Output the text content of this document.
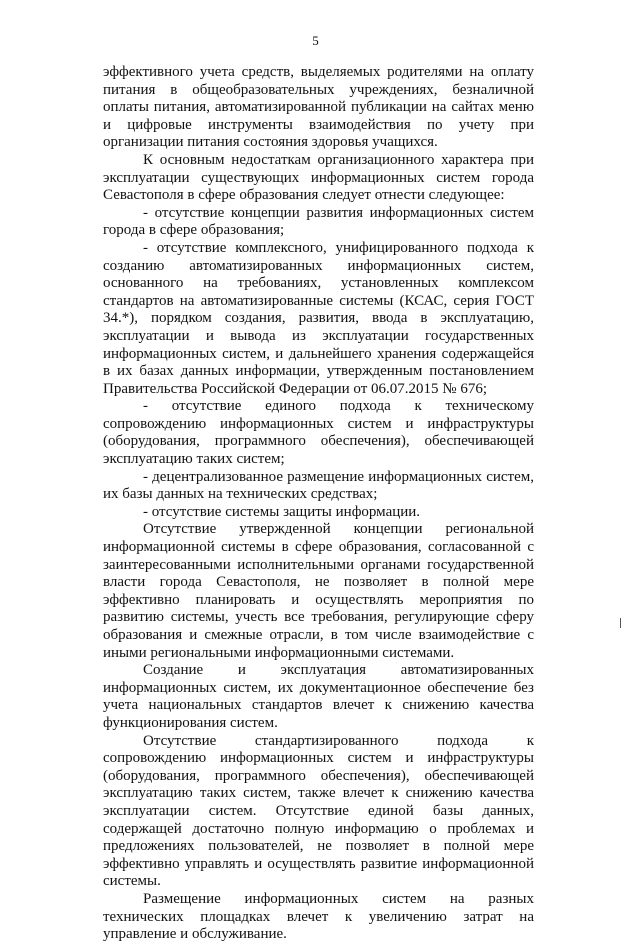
5

эффективного учета средств, выделяемых родителями на оплату питания в общеобразовательных учреждениях, безналичной оплаты питания, автоматизированной публикации на сайтах меню и цифровые инструменты взаимодействия по учету при организации питания состояния здоровья учащихся.

К основным недостаткам организационного характера при эксплуатации существующих информационных систем города Севастополя в сфере образования следует отнести следующее:

- отсутствие концепции развития информационных систем города в сфере образования;

- отсутствие комплексного, унифицированного подхода к созданию автоматизированных информационных систем, основанного на требованиях, установленных комплексом стандартов на автоматизированные системы (КСАС, серия ГОСТ 34.*), порядком создания, развития, ввода в эксплуатацию, эксплуатации и вывода из эксплуатации государственных информационных систем, и дальнейшего хранения содержащейся в их базах данных информации, утвержденным постановлением Правительства Российской Федерации от 06.07.2015 № 676;

- отсутствие единого подхода к техническому сопровождению информационных систем и инфраструктуры (оборудования, программного обеспечения), обеспечивающей эксплуатацию таких систем;

- децентрализованное размещение информационных систем, их базы данных на технических средствах;

- отсутствие системы защиты информации.

Отсутствие утвержденной концепции региональной информационной системы в сфере образования, согласованной с заинтересованными исполнительными органами государственной власти города Севастополя, не позволяет в полной мере эффективно планировать и осуществлять мероприятия по развитию системы, учесть все требования, регулирующие сферу образования и смежные отрасли, в том числе взаимодействие с иными региональными информационными системами.

Создание и эксплуатация автоматизированных информационных систем, их документационное обеспечение без учета национальных стандартов влечет к снижению качества функционирования систем.

Отсутствие стандартизированного подхода к сопровождению информационных систем и инфраструктуры (оборудования, программного обеспечения), обеспечивающей эксплуатацию таких систем, также влечет к снижению качества эксплуатации систем. Отсутствие единой базы данных, содержащей достаточно полную информацию о проблемах и предложениях пользователей, не позволяет в полной мере эффективно управлять и осуществлять развитие информационной системы.

Размещение информационных систем на разных технических площадках влечет к увеличению затрат на управление и обслуживание.
